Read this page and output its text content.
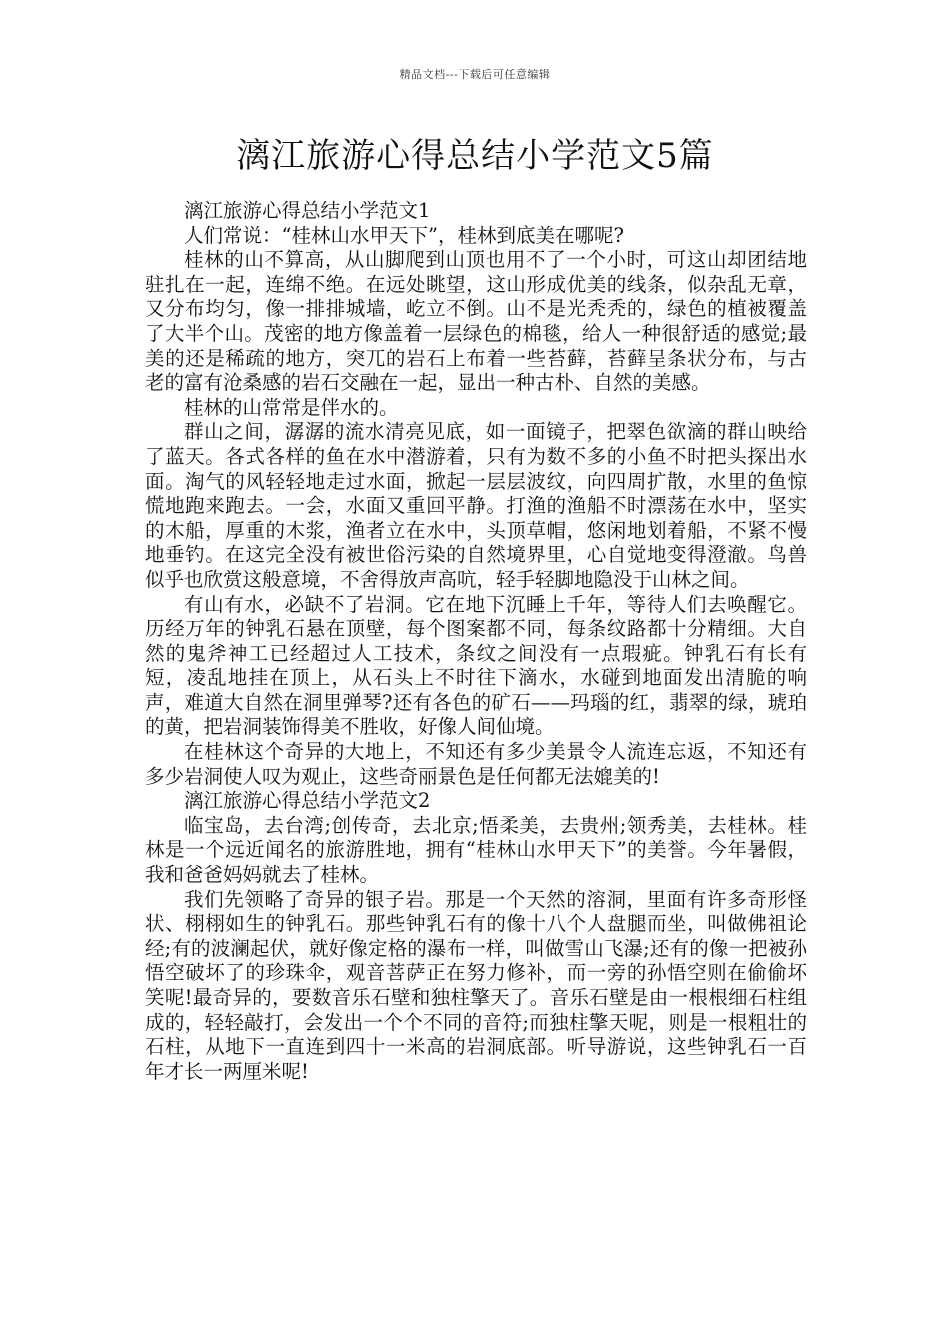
精品文档---下载后可任意编辑
漓江旅游心得总结小学范文5篇

漓江旅游心得总结小学范文1

人们常说：“桂林山水甲天下”，桂林到底美在哪呢?

桂林的山不算高，从山脚爬到山顶也用不了一个小时，可这山却团结地驻扎在一起，连绵不绝。在远处眺望，这山形成优美的线条，似杂乱无章，又分布均匀，像一排排城墙，屹立不倒。山不是光秃秃的，绿色的植被覆盖了大半个山。茂密的地方像盖着一层绿色的棉毯，给人一种很舒适的感觉;最美的还是稀疏的地方，突兀的岩石上布着一些苔藓，苔藓呈条状分布，与古老的富有沧桑感的岩石交融在一起，显出一种古朴、自然的美感。

桂林的山常常是伴水的。

群山之间，潺潺的流水清亮见底，如一面镜子，把翠色欲滴的群山映给了蓝天。各式各样的鱼在水中潜游着，只有为数不多的小鱼不时把头探出水面。淘气的风轻轻地走过水面，掀起一层层波纹，向四周扩散，水里的鱼惊慌地跑来跑去。一会，水面又重回平静。打渔的渔船不时漂荡在水中，坚实的木船，厚重的木浆，渔者立在水中，头顶草帽，悠闲地划着船，不紧不慢地垂钓。在这完全没有被世俗污染的自然境界里，心自觉地变得澄澈。鸟兽似乎也欣赏这般意境，不舍得放声高吭，轻手轻脚地隐没于山林之间。

有山有水，必缺不了岩洞。它在地下沉睡上千年，等待人们去唤醒它。历经万年的钟乳石悬在顶壁，每个图案都不同，每条纹路都十分精细。大自然的鬼斧神工已经超过人工技术，条纹之间没有一点瑕疵。钟乳石有长有短，凌乱地挂在顶上，从石头上不时往下滴水，水碰到地面发出清脆的响声，难道大自然在洞里弹琴?还有各色的矿石——玛瑙的红，翡翠的绿，琥珀的黄，把岩洞装饰得美不胜收，好像人间仙境。

在桂林这个奇异的大地上，不知还有多少美景令人流连忘返，不知还有多少岩洞使人叹为观止，这些奇丽景色是任何都无法媲美的!

漓江旅游心得总结小学范文2

临宝岛，去台湾;创传奇，去北京;悟柔美，去贵州;领秀美，去桂林。桂林是一个远近闻名的旅游胜地，拥有“桂林山水甲天下”的美誉。今年暑假，我和爸爸妈妈就去了桂林。

我们先领略了奇异的银子岩。那是一个天然的溶洞，里面有许多奇形怪状、栩栩如生的钟乳石。那些钟乳石有的像十八个人盘腿而坐，叫做佛祖论经;有的波澜起伏，就好像定格的瀑布一样，叫做雪山飞瀑;还有的像一把被孙悟空破坏了的珍珠伞，观音菩萨正在努力修补，而一旁的孙悟空则在偷偷坏笑呢!最奇异的，要数音乐石壁和独柱擎天了。音乐石壁是由一根根细石柱组成的，轻轻敲打，会发出一个个不同的音符;而独柱擎天呢，则是一根粗壮的石柱，从地下一直连到四十一米高的岩洞底部。听导游说，这些钟乳石一百年才长一两厘米呢!
